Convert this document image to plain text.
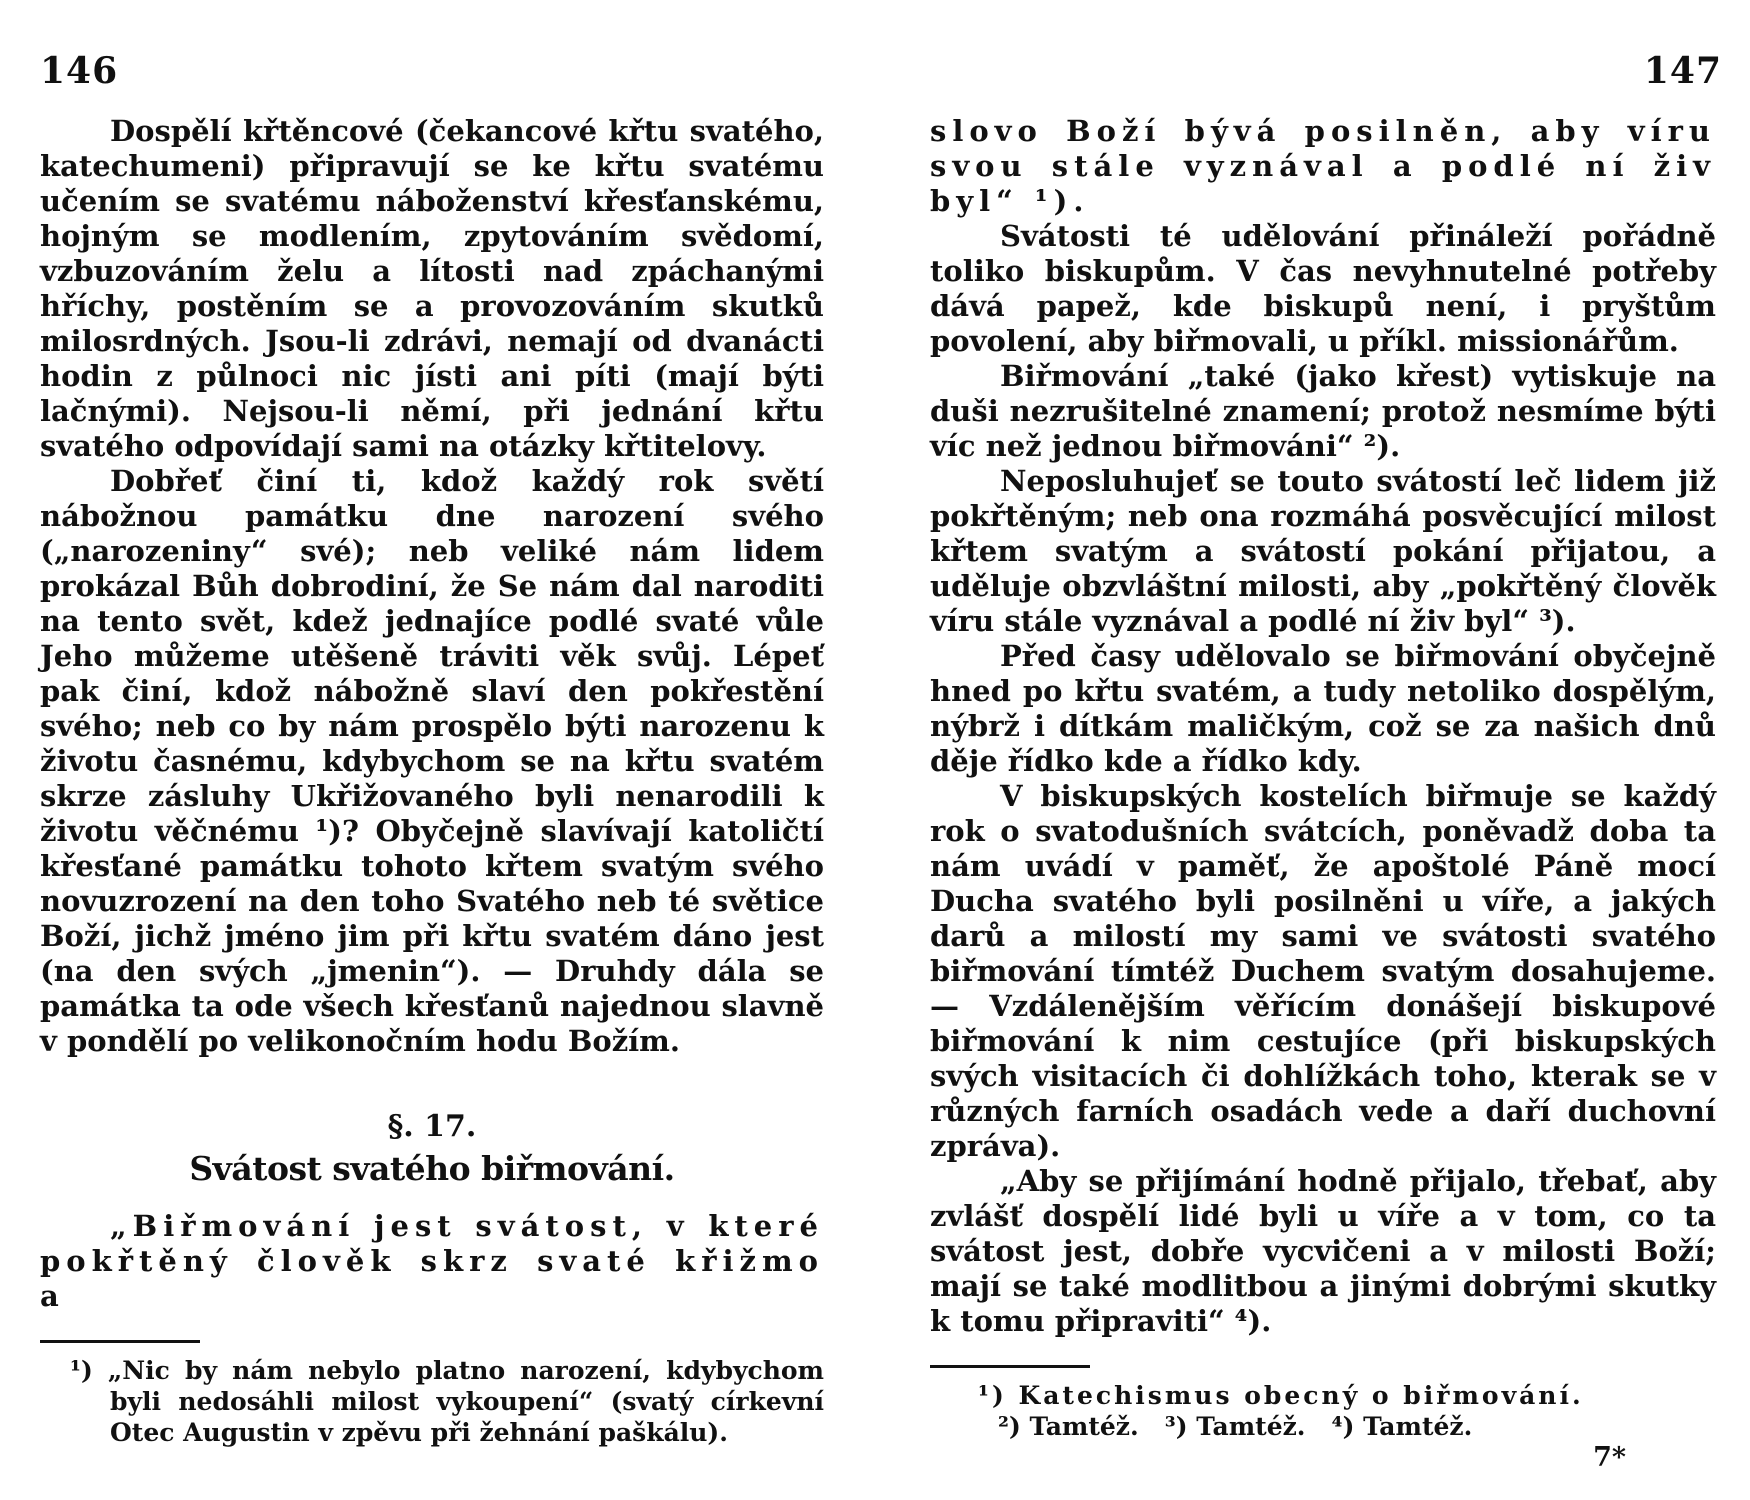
146

Dospělí křtěncové (čekancové křtu svatého, katechumeni) připravují se ke křtu svatému učením se svatému náboženství křesťanskému, hojným se modlením, zpytováním svědomí, vzbuzováním želu a lítosti nad zpáchanými hříchy, postěním se a provozováním skutků milosrdných. Jsou-li zdrávi, nemají od dvanácti hodin z půlnoci nic jísti ani píti (mají býti lačnými). Nejsou-li němí, při jednání křtu svatého odpovídají sami na otázky křtitelovy.

Dobřeť činí ti, kdož každý rok světí nábožnou památku dne narození svého („narozeniny“ své); neb veliké nám lidem prokázal Bůh dobrodiní, že Se nám dal naroditi na tento svět, kdež jednajíce podlé svaté vůle Jeho můžeme utěšeně tráviti věk svůj. Lépeť pak činí, kdož nábožně slaví den pokřestění svého; neb co by nám prospělo býti narozenu k životu časnému, kdybychom se na křtu svatém skrze zásluhy Ukřižovaného byli nenarodili k životu věčnému ¹)? Obyčejně slavívají katoličtí křesťané památku tohoto křtem svatým svého novuzrození na den toho Svatého neb té světice Boží, jichž jméno jim při křtu svatém dáno jest (na den svých „jmenin“). — Druhdy dála se památka ta ode všech křesťanů najednou slavně v pondělí po velikonočním hodu Božím.

§. 17.
Svátost svatého biřmování.

„Biřmování jest svátost, v které pokřtěný člověk skrz svaté křižmo a

¹) „Nic by nám nebylo platno narození, kdybychom byli nedosáhli milost vykoupení“ (svatý církevní Otec Augustin v zpěvu při žehnání paškálu).

147

slovo Boží bývá posilněn, aby víru svou stále vyznával a podlé ní živ byl“ ¹).

Svátosti té udělování přináleží pořádně toliko biskupům. V čas nevyhnutelné potřeby dává papež, kde biskupů není, i pryštům povolení, aby biřmovali, u příkl. missionářům.

Biřmování „také (jako křest) vytiskuje na duši nezrušitelné znamení; protož nesmíme býti víc než jednou biřmováni“ ²).

Neposluhujeť se touto svátostí leč lidem již pokřtěným; neb ona rozmáhá posvěcující milost křtem svatým a svátostí pokání přijatou, a uděluje obzvláštní milosti, aby „pokřtěný člověk víru stále vyznával a podlé ní živ byl“ ³).

Před časy udělovalo se biřmování obyčejně hned po křtu svatém, a tudy netoliko dospělým, nýbrž i dítkám maličkým, což se za našich dnů děje řídko kde a řídko kdy.

V biskupských kostelích biřmuje se každý rok o svatodušních svátcích, poněvadž doba ta nám uvádí v paměť, že apoštolé Páně mocí Ducha svatého byli posilněni u víře, a jakých darů a milostí my sami ve svátosti svatého biřmování tímtéž Duchem svatým dosahujeme. — Vzdálenějším věřícím donášejí biskupové biřmování k nim cestujíce (při biskupských svých visitacích či dohlížkách toho, kterak se v různých farních osadách vede a daří duchovní zpráva).

„Aby se přijímání hodně přijalo, třebať, aby zvlášť dospělí lidé byli u víře a v tom, co ta svátost jest, dobře vycvičeni a v milosti Boží; mají se také modlitbou a jinými dobrými skutky k tomu připraviti“ ⁴).

¹) Katechismus obecný o biřmování.

²) Tamtéž.   ³) Tamtéž.   ⁴) Tamtéž.

7*
